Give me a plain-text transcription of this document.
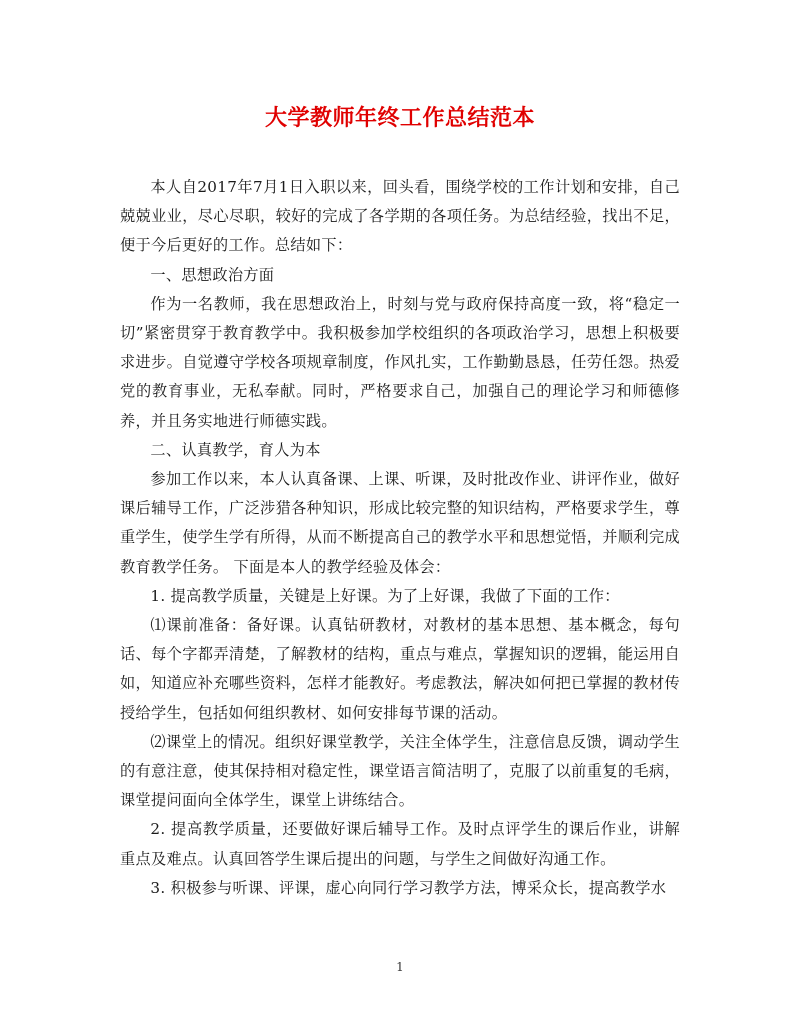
大学教师年终工作总结范本

本人自2017年7月1日入职以来，回头看，围绕学校的工作计划和安排，自己兢兢业业，尽心尽职，较好的完成了各学期的各项任务。为总结经验，找出不足，便于今后更好的工作。总结如下：

一、思想政治方面

作为一名教师，我在思想政治上，时刻与党与政府保持高度一致，将“稳定一切”紧密贯穿于教育教学中。我积极参加学校组织的各项政治学习，思想上积极要求进步。自觉遵守学校各项规章制度，作风扎实，工作勤勤恳恳，任劳任怨。热爱党的教育事业，无私奉献。同时，严格要求自己，加强自己的理论学习和师德修养，并且务实地进行师德实践。

二、认真教学，育人为本

参加工作以来，本人认真备课、上课、听课，及时批改作业、讲评作业，做好课后辅导工作，广泛涉猎各种知识，形成比较完整的知识结构，严格要求学生，尊重学生，使学生学有所得，从而不断提高自己的教学水平和思想觉悟，并顺利完成教育教学任务。 下面是本人的教学经验及体会：

1. 提高教学质量，关键是上好课。为了上好课，我做了下面的工作：

⑴课前准备：备好课。认真钻研教材，对教材的基本思想、基本概念，每句话、每个字都弄清楚，了解教材的结构，重点与难点，掌握知识的逻辑，能运用自如，知道应补充哪些资料，怎样才能教好。考虑教法，解决如何把已掌握的教材传授给学生，包括如何组织教材、如何安排每节课的活动。

⑵课堂上的情况。组织好课堂教学，关注全体学生，注意信息反馈，调动学生的有意注意，使其保持相对稳定性，课堂语言简洁明了，克服了以前重复的毛病，课堂提问面向全体学生，课堂上讲练结合。

2. 提高教学质量，还要做好课后辅导工作。及时点评学生的课后作业，讲解重点及难点。认真回答学生课后提出的问题，与学生之间做好沟通工作。

3. 积极参与听课、评课，虚心向同行学习教学方法，博采众长，提高教学水

1
